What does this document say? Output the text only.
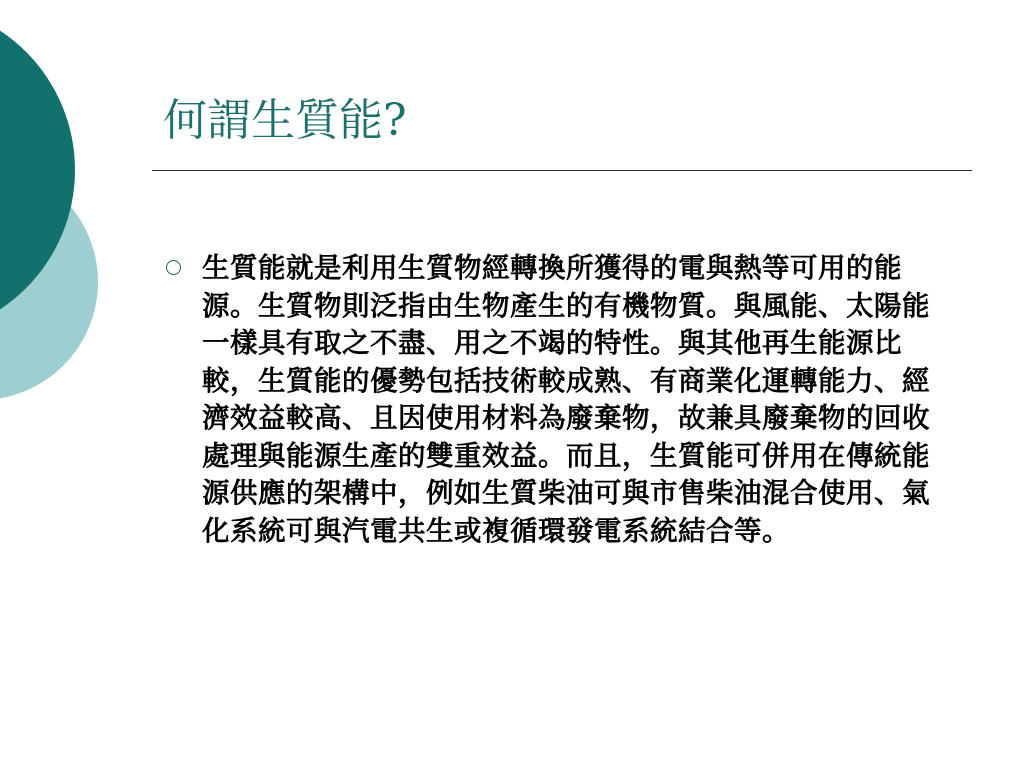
何謂生質能?

生質能就是利用生質物經轉換所獲得的電與熱等可用的能源。生質物則泛指由生物產生的有機物質。與風能、太陽能一樣具有取之不盡、用之不竭的特性。與其他再生能源比較，生質能的優勢包括技術較成熟、有商業化運轉能力、經濟效益較高、且因使用材料為廢棄物，故兼具廢棄物的回收處理與能源生產的雙重效益。而且，生質能可併用在傳統能源供應的架構中，例如生質柴油可與市售柴油混合使用、氣化系統可與汽電共生或複循環發電系統結合等。
